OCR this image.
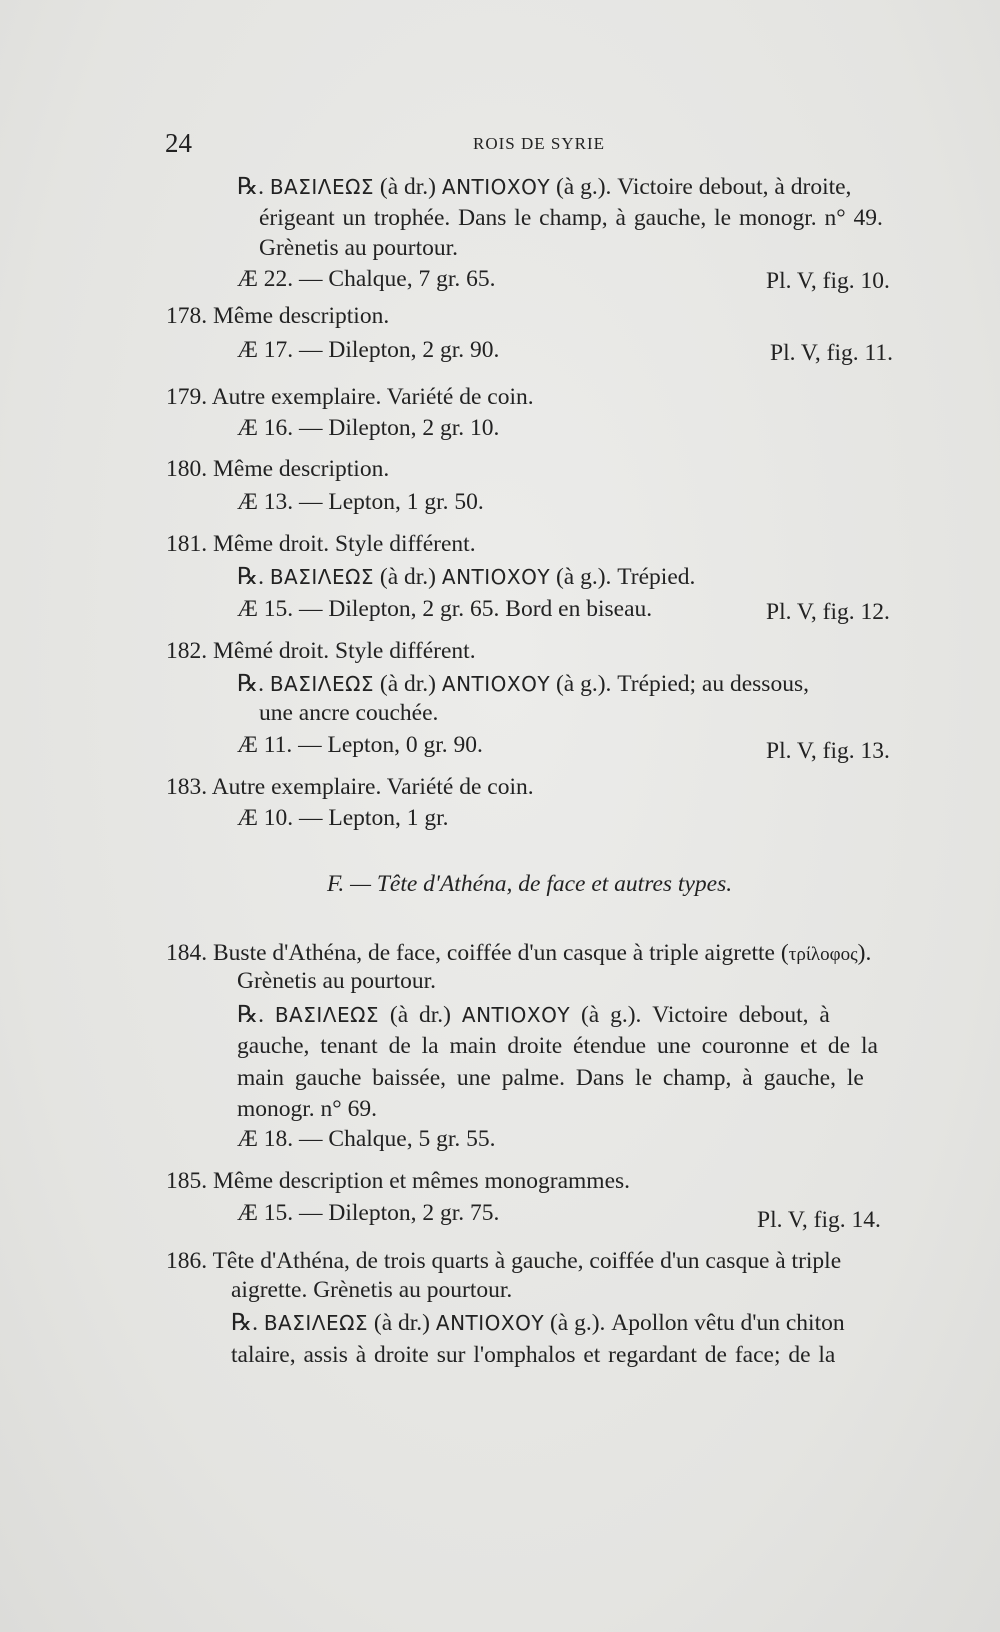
24	ROIS DE SYRIE
℞. ΒΑΣΙΛΕΩΣ (à dr.) ΑΝΤΙΟΧΟΥ (à g.). Victoire debout, à droite,
érigeant un trophée. Dans le champ, à gauche, le monogr. n° 49.
Grènetis au pourtour.
Æ 22. — Chalque, 7 gr. 65.	Pl. V, fig. 10.
178. Même description.
Æ 17. — Dilepton, 2 gr. 90.	Pl. V, fig. 11.
179. Autre exemplaire. Variété de coin.
Æ 16. — Dilepton, 2 gr. 10.
180. Même description.
Æ 13. — Lepton, 1 gr. 50.
181. Même droit. Style différent.
℞. ΒΑΣΙΛΕΩΣ (à dr.) ΑΝΤΙΟΧΟΥ (à g.). Trépied.
Æ 15. — Dilepton, 2 gr. 65. Bord en biseau.	Pl. V, fig. 12.
182. Mêmé droit. Style différent.
℞. ΒΑΣΙΛΕΩΣ (à dr.) ΑΝΤΙΟΧΟΥ (à g.). Trépied; au dessous,
une ancre couchée.
Æ 11. — Lepton, 0 gr. 90.	Pl. V, fig. 13.
183. Autre exemplaire. Variété de coin.
Æ 10. — Lepton, 1 gr.
F. — Tête d'Athéna, de face et autres types.
184. Buste d'Athéna, de face, coiffée d'un casque à triple aigrette (τρίλοφος).
Grènetis au pourtour.
℞. ΒΑΣΙΛΕΩΣ (à dr.) ΑΝΤΙΟΧΟΥ (à g.). Victoire debout, à
gauche, tenant de la main droite étendue une couronne et de la
main gauche baissée, une palme. Dans le champ, à gauche, le
monogr. n° 69.
Æ 18. — Chalque, 5 gr. 55.
185. Même description et mêmes monogrammes.
Æ 15. — Dilepton, 2 gr. 75.	Pl. V, fig. 14.
186. Tête d'Athéna, de trois quarts à gauche, coiffée d'un casque à triple
aigrette. Grènetis au pourtour.
℞. ΒΑΣΙΛΕΩΣ (à dr.) ΑΝΤΙΟΧΟΥ (à g.). Apollon vêtu d'un chiton
talaire, assis à droite sur l'omphalos et regardant de face; de la
